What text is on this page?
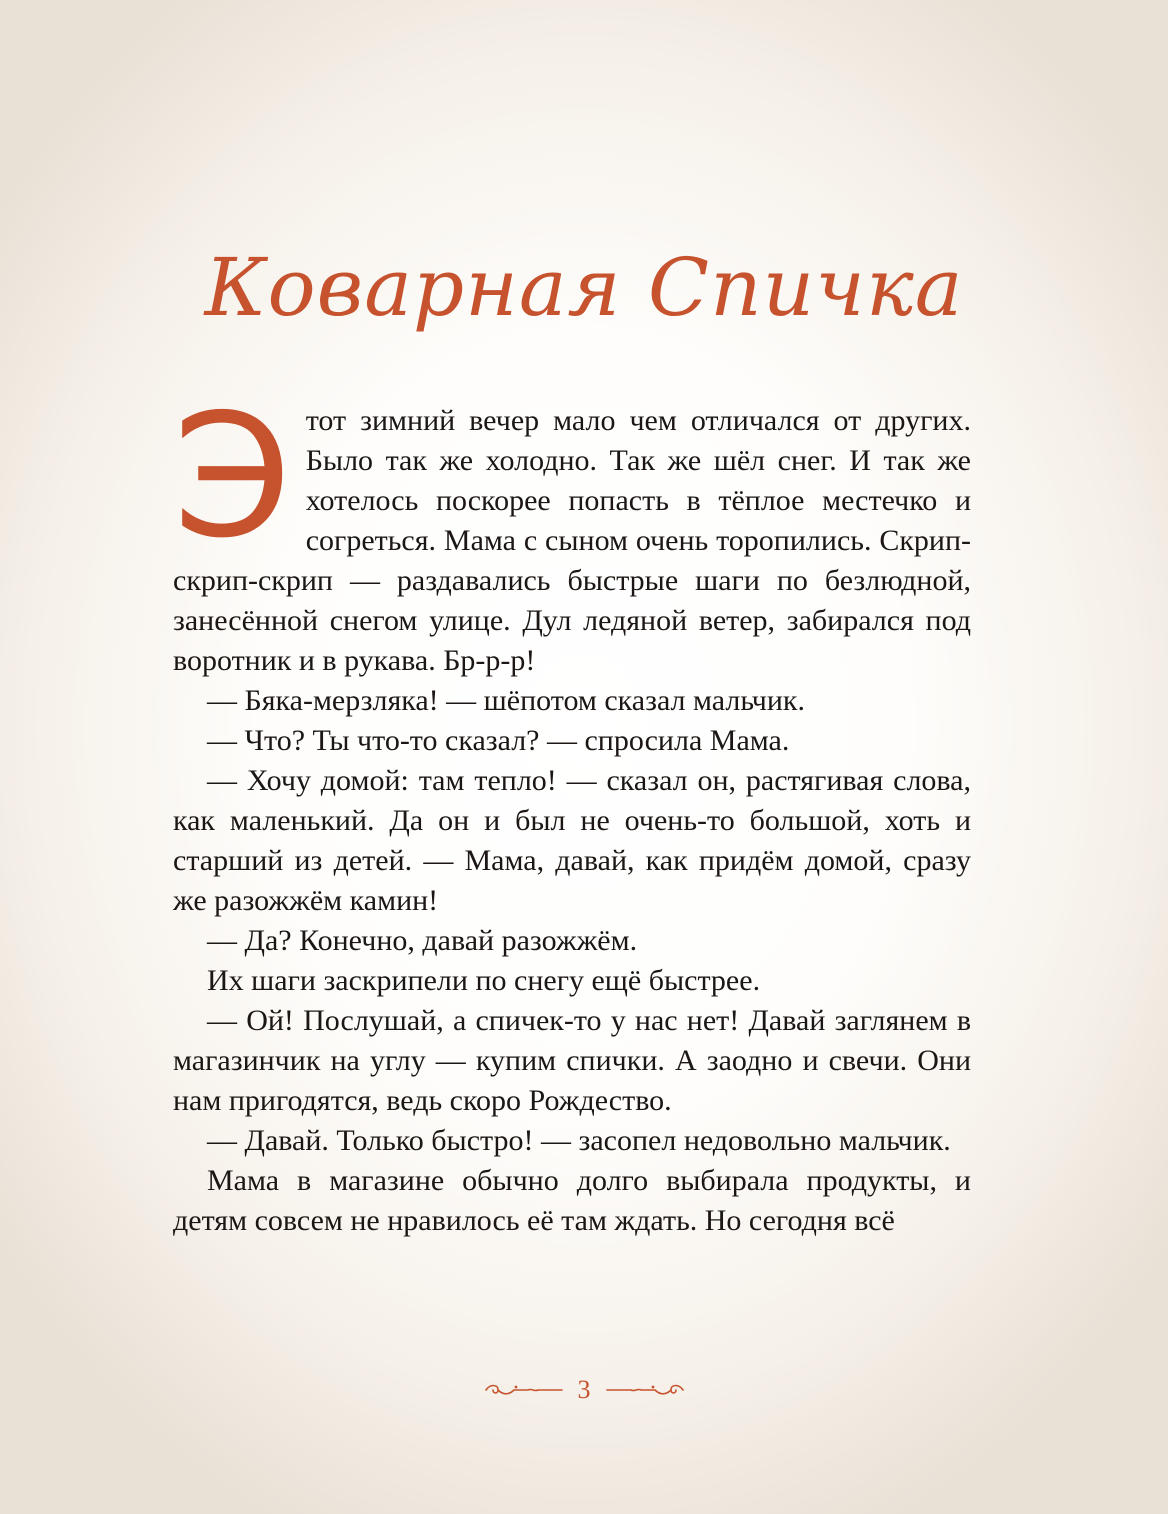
Коварная Спичка

Этот зимний вечер мало чем отличался от других. Было так же холодно. Так же шёл снег. И так же хотелось поскорее попасть в тёплое местечко и согреться. Мама с сыном очень торопились. Скрип-скрип-скрип — раздавались быстрые шаги по безлюдной, занесённой снегом улице. Дул ледяной ветер, забирался под воротник и в рукава. Бр-р-р!

— Бяка-мерзляка! — шёпотом сказал мальчик.

— Что? Ты что-то сказал? — спросила Мама.

— Хочу домой: там тепло! — сказал он, растягивая слова, как маленький. Да он и был не очень-то большой, хоть и старший из детей. — Мама, давай, как придём домой, сразу же разожжём камин!

— Да? Конечно, давай разожжём.

Их шаги заскрипели по снегу ещё быстрее.

— Ой! Послушай, а спичек-то у нас нет! Давай заглянем в магазинчик на углу — купим спички. А заодно и свечи. Они нам пригодятся, ведь скоро Рождество.

— Давай. Только быстро! — засопел недовольно мальчик.

Мама в магазине обычно долго выбирала продукты, и детям совсем не нравилось её там ждать. Но сегодня всё

3
